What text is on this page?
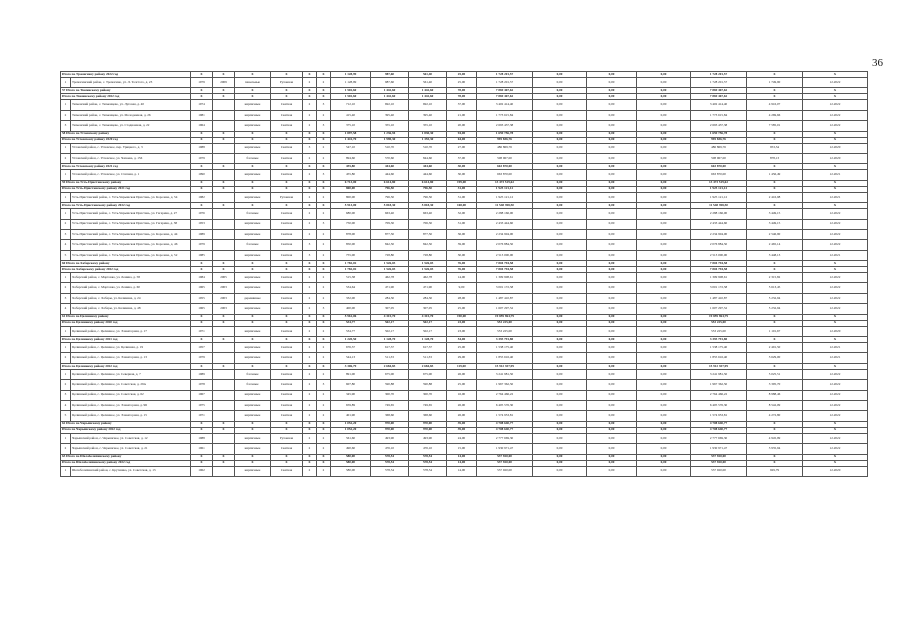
36
Итого по Тромагинсу району 2022 год		X	X	X	X	X	X	1 128,99	987,60	561,40	25,00	1 728 201,57	0,00	0,00	0,00	1 728 201,57	X	X
1	Тромагинский район, с. Тромагино, ул. Л. Толстого, д. 23	1979	2009	панельные	Рулонная	2	2	1 128,99	987,60	561,40	25,00	1 728 201,57	0,00	0,00	0,00	1 728 201,57	1 749,90	12.2022
57 Итого по Тюменскому району		X	X	X	X	X	X	1 502,60	1 442,60	1 442,60	78,00	7 869 467,62	0,00	0,00	0,00	7 869 467,62	X	X
Итого по Тюменскому району 2022 год		X	X	X	X	X	X	1 502,60	1 442,60	1 442,60	78,00	7 869 467,62	0,00	0,00	0,00	7 869 467,62	X	X
1	Тюменский район, с. Тюменцево, ул. Луговая, д. 40	1974		кирпичные	Скатная	2	3	712,10	692,10	692,10	37,00	3 402 414,40	0,00	0,00	0,00	3 402 414,40	4 916,07	12.2022
2	Тюменский район, с. Тюменцево, ул. Молодежная, д. 26	1981		кирпичные	Скатная	2	2	415,40	395,40	395,40	21,00	1 773 615,84	0,00	0,00	0,00	1 773 615,84	4 269,66	12.2022
3	Тюменский район, с. Тюменцево, ул. Стадионная, д. 22	1964		кирпичные	Скатная	2	3	375,10	355,10	355,10	20,00	2 693 437,38	0,00	0,00	0,00	2 693 437,38	7 585,01	12.2022
58 Итого по Угловскому району		X	X	X	X	X	X	1 897,58	1 236,94	1 830,30	94,00	1 659 756,78	0,00	0,00	0,00	1 659 756,78	X	X
Итого по Угловскому району 2020 год		X	X	X	X	X	X	1 441,70	1 990,30	1 355,30	64,00	995 836,76	0,00	0,00	0,00	995 836,76	X	X
1	Угловский район, с. Угловское, пер. Урицкого, д. 3	1988		кирпичные	Скатная	3	2	547,10	510,70	510,70	27,00	486 869,76	0,00	0,00	0,00	486 869,76	953,34	12.2020
2	Угловский район, с. Угловское, ул. Чапаева, д. 156	1979		блочные	Скатная	2	2	894,60	570,60	844,60	37,00	508 967,00	0,00	0,00	0,00	508 967,00	878,13	12.2020
Итого по Угловскому району 2021 год		X	X	X	X	X	X	455,80	444,60	444,60	30,00	663 870,00	0,00	0,00	0,00	663 870,00	X	X
1	Угловский район, с. Угловское, ул. Степная, д. 1	1990		кирпичные	Скатная	2	3	455,80	444,60	444,60	30,00	663 870,00	0,00	0,00	0,00	663 870,00	1 456,49	12.2021
59 Итого по Усть-Пристанскому району		X	X	X	X	X	X	6 713,00	6 614,80	6 614,80	199,00	13 473 519,62	0,00	0,00	0,00	13 473 519,62	X	X
Итого по Усть-Пристанскому району 2021 год		X	X	X	X	X	X	800,00	796,50	796,50	31,00	1 925 121,12	0,00	0,00	0,00	1 925 121,12	X	X
1	Усть-Пристанский район, с. Усть-Чарышская Пристань, ул. Королева, д. 54	1982		кирпичные	Рулонная	2	2	800,00	796,50	796,50	31,00	1 925 121,12	0,00	0,00	0,00	1 925 121,12	2 416,98	12.2021
Итого по Усть-Пристанскому району 2022 год		X	X	X	X	X	X	5 913,00	5 818,30	5 818,30	168,00	11 548 398,50	0,00	0,00	0,00	11 548 398,50	X	X
1	Усть-Пристанский район, с. Усть-Чарышская Пристань, ул. Гагарина, д. 27	1976		блочные	Скатная	2	2	680,00	663,40	663,40	32,00	2 288 166,00	0,00	0,00	0,00	2 288 166,00	3 449,15	12.2022
2	Усть-Пристанский район, с. Усть-Чарышская Пристань, ул. Гагарина, д. 38	1953		кирпичные	Скатная	2	3	750,00	709,30	706,30	31,00	2 433 444,60	0,00	0,00	0,00	2 433 444,60	3 449,15	12.2022
3	Усть-Пристанский район, с. Усть-Чарышская Пристань, ул. Королева, д. 44	1989		кирпичные	Скатная	2	2	878,00	877,50	877,50	36,00	2 234 904,00	0,00	0,00	0,00	2 234 904,00	2 546,90	12.2022
4	Усть-Пристанский район, с. Усть-Чарышская Пристань, ул. Королева, д. 46	1979		блочные	Скатная	3	2	850,00	842,50	842,50	39,00	2 076 884,50	0,00	0,00	0,00	2 076 884,50	2 465,14	12.2022
5	Усть-Пристанский район, с. Усть-Чарышская Пристань, ул. Королева, д. 52	1985		кирпичные	Скатная	3	2	755,00	728,80	728,80	30,00	2 513 000,00	0,00	0,00	0,00	2 513 000,00	3 448,13	12.2021
60 Итого по Хабарскому району		X	X	X	X	X	X	1 782,02	1 526,03	1 526,03	76,00	7 804 794,58	0,00	0,00	0,00	7 804 794,58	X	X
Итого по Хабарскому району 2022 год		X	X	X	X	X	X	1 782,02	1 526,03	1 526,03	76,00	7 804 794,58	0,00	0,00	0,00	7 804 794,58	X	X
1	Хабарский район, с. Мартовка, ул. Ленина, д. 58	1984	2005	кирпичные	Скатная	2	2	515,38	462,78	462,78	14,00	1 309 908,61	0,00	0,00	0,00	1 309 908,61	2 315,82	12.2022
2	Хабарский район, с. Мартовка, ул. Ленина, д. 60	1965	2003	кирпичные	Скатная	2	2	534,64	471,90	471,90	9,00	3 001 172,58	0,00	0,00	0,00	3 001 172,58	5 613,45	12.2022
3	Хабарский район, с. Хабары, ул. Калинина, д. 24	1955	2003	деревянные	Скатная	2	2	332,00	284,30	284,30	28,00	1 487 410,87	0,00	0,00	0,00	1 487 410,87	5 232,94	12.2022
4	Хабарский район, с. Хабары, ул. Калинина, д. 48	1965	2003	кирпичные	Скатная	2	3	400,00	307,05	307,05	25,00	1 607 297,52	0,00	0,00	0,00	1 607 297,52	5 232,94	12.2022
61 Итого по Целинному району		X	X	X	X	X	X	5 961,06	4 315,70	4 315,70	190,00	19 859 964,79	0,00	0,00	0,00	19 859 964,79	X	X
Итого по Целинному району 2020 год		X	X	X	X	X	X	534,77	502,17	502,17	23,00	553 225,00	0,00	0,00	0,00	553 225,00	X	X
1	Целинный район, с. Целинное, ул. Элеваторная, д. 17	1971		кирпичные	Скатная	2	2	534,77	502,17	502,17	23,00	553 225,00	0,00	0,00	0,00	553 225,00	1 101,67	12.2020
Итого по Целинному району 2021 год		X	X	X	X	X	X	1 220,50	1 128,70	1 128,70	54,00	3 393 791,80	0,00	0,00	0,00	3 393 791,80	X	X
1	Целинный район, с. Целинное, ул. Целинная, д. 19	1957		кирпичные	Скатная	2	2	676,37	617,37	617,37	25,00	1 538 175,40	0,00	0,00	0,00	1 538 175,40	2 491,50	12.2021
2	Целинный район, с. Целинное, ул. Элеваторная, д. 13	1979		кирпичные	Скатная	2	2	544,13	511,33	511,33	29,00	1 855 616,40	0,00	0,00	0,00	1 855 616,40	3 629,00	12.2021
Итого по Целинному району 2022 год		X	X	X	X	X	X	3 306,79	2 684,83	2 684,83	119,00	15 912 357,99	0,00	0,00	0,00	15 912 357,99	X	X
1	Целинный район, с. Целинное, ул. Северная, д. 7	1989		блочные	Скатная	2	2	891,00	675,00	675,00	26,00	3 241 981,50	0,00	0,00	0,00	3 241 981,50	5 025,51	12.2022
2	Целинный район, с. Целинное, ул. Советская, д. 29А	1978		блочные	Скатная	2	3	607,80	590,88	590,88	25,00	1 967 362,50	0,00	0,00	0,00	1 967 362,50	3 395,70	12.2022
3	Целинный район, с. Целинное, ул. Советская, д. 62	1967		кирпичные	Скатная	2	2	345,90	300,70	300,70	16,00	2 764 466,22	0,00	0,00	0,00	2 764 466,22	8 988,46	12.2022
4	Целинный район, с. Целинное, ул. Элеваторная, д. 9Б	1975		кирпичные	Скатная	2	2	659,89	749,65	749,65	26,00	6 405 576,30	0,00	0,00	0,00	6 405 576,30	8 542,09	12.2022
5	Целинный район, с. Целинное, ул. Элеваторная, д. 15	1971		кирпичные	Скатная	2	2	401,90	368,60	368,60	26,00	1 574 953,81	0,00	0,00	0,00	1 574 953,81	4 272,80	12.2022
62 Итого по Чарышскому району		X	X	X	X	X	X	1 052,20	970,00	970,00	39,00	4 708 640,77	0,00	0,00	0,00	4 708 640,77	X	X
Итого по Чарышскому району 2022 год		X	X	X	X	X	X	1 052,20	970,00	970,00	39,00	4 708 640,77	0,00	0,00	0,00	4 708 640,77	X	X
1	Чарышский район, с. Чарышское, ул. Советская, д. 12	1988		кирпичные	Рулонная	2	2	561,60	493,90	493,90	24,00	2 777 669,30	0,00	0,00	0,00	2 777 669,30	4 945,99	12.2022
2	Чарышский район, с. Чарышское, ул. Советская, д. 21	1961		кирпичные	Скатная	2	2	490,60	476,10	476,10	15,00	1 930 971,47	0,00	0,00	0,00	1 930 971,47	3 935,94	12.2022
63 Итого по Шелаболихинскому району		X	X	X	X	X	X	580,00	578,54	578,54	14,00	537 920,00	0,00	0,00	0,00	537 920,00	X	X
Итого по Шелаболихинскому району 2022 год		X	X	X	X	X	X	580,00	578,54	578,54	14,00	537 920,00	0,00	0,00	0,00	537 920,00	X	X
1	Шелаболихинский район, с. Крутишка, ул. Советская, д. 13	1962		кирпичные	Скатная	2	2	580,00	578,54	578,54	14,00	537 920,00	0,00	0,00	0,00	537 920,00	929,79	12.2020
